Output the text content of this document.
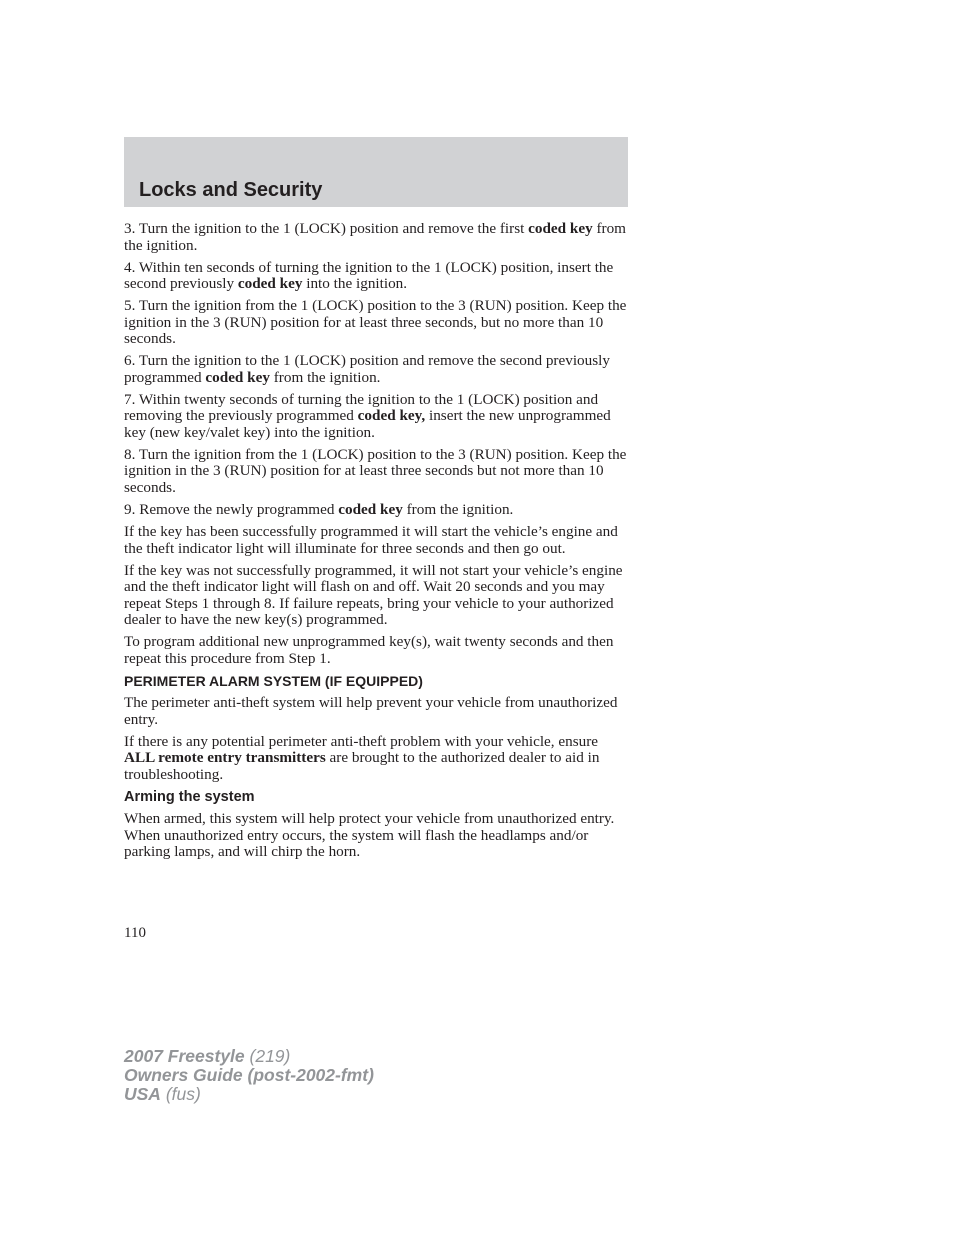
Locks and Security

3. Turn the ignition to the 1 (LOCK) position and remove the first coded key from the ignition.

4. Within ten seconds of turning the ignition to the 1 (LOCK) position, insert the second previously coded key into the ignition.

5. Turn the ignition from the 1 (LOCK) position to the 3 (RUN) position. Keep the ignition in the 3 (RUN) position for at least three seconds, but no more than 10 seconds.

6. Turn the ignition to the 1 (LOCK) position and remove the second previously programmed coded key from the ignition.

7. Within twenty seconds of turning the ignition to the 1 (LOCK) position and removing the previously programmed coded key, insert the new unprogrammed key (new key/valet key) into the ignition.

8. Turn the ignition from the 1 (LOCK) position to the 3 (RUN) position. Keep the ignition in the 3 (RUN) position for at least three seconds but not more than 10 seconds.

9. Remove the newly programmed coded key from the ignition.

If the key has been successfully programmed it will start the vehicle’s engine and the theft indicator light will illuminate for three seconds and then go out.

If the key was not successfully programmed, it will not start your vehicle’s engine and the theft indicator light will flash on and off. Wait 20 seconds and you may repeat Steps 1 through 8. If failure repeats, bring your vehicle to your authorized dealer to have the new key(s) programmed.

To program additional new unprogrammed key(s), wait twenty seconds and then repeat this procedure from Step 1.

PERIMETER ALARM SYSTEM (IF EQUIPPED)

The perimeter anti-theft system will help prevent your vehicle from unauthorized entry.

If there is any potential perimeter anti-theft problem with your vehicle, ensure ALL remote entry transmitters are brought to the authorized dealer to aid in troubleshooting.

Arming the system

When armed, this system will help protect your vehicle from unauthorized entry. When unauthorized entry occurs, the system will flash the headlamps and/or parking lamps, and will chirp the horn.

110

2007 Freestyle (219)
Owners Guide (post-2002-fmt)
USA (fus)
